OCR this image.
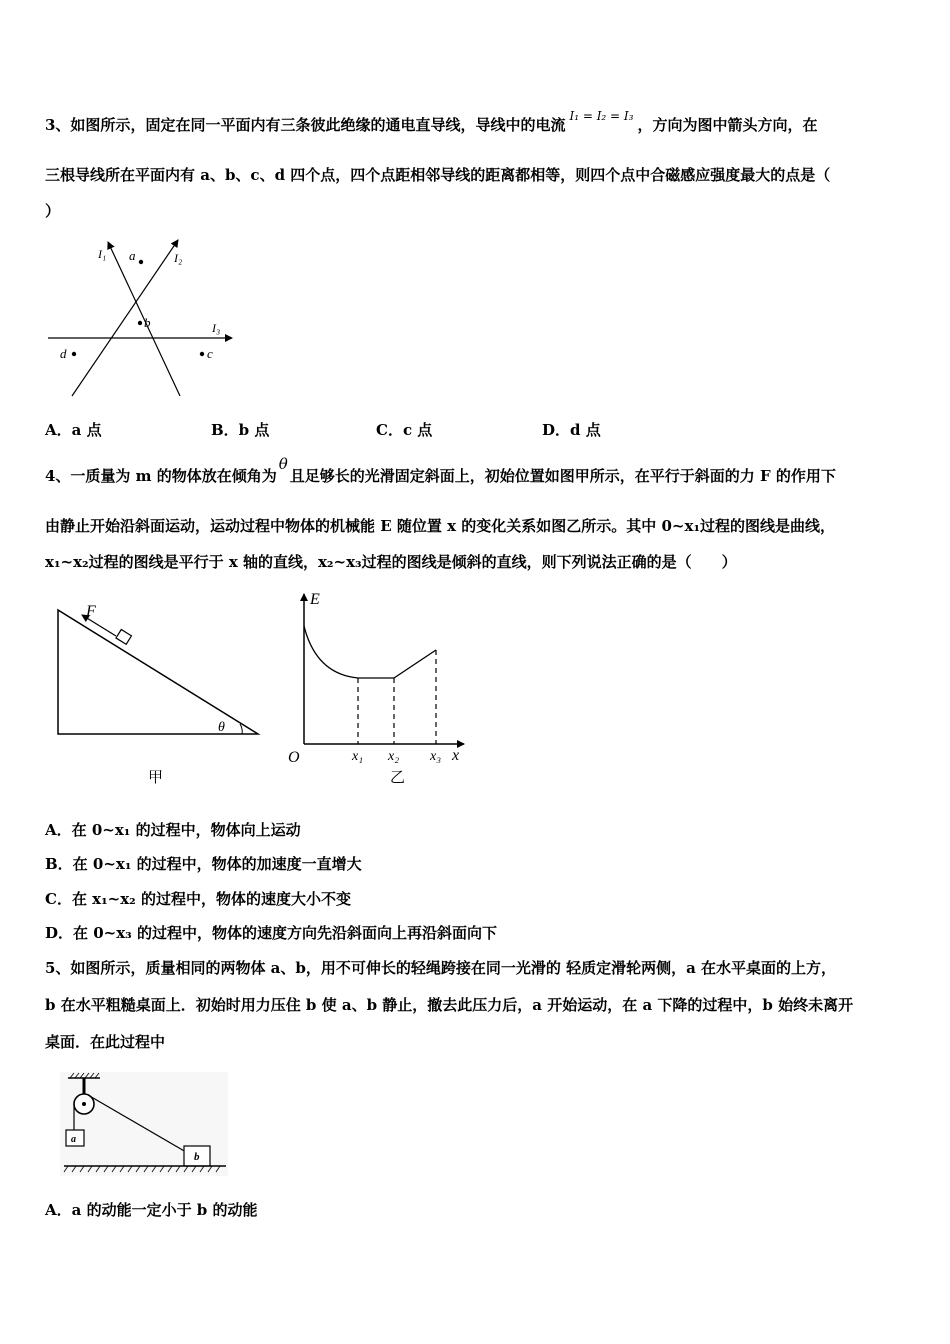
3、如图所示，固定在同一平面内有三条彼此绝缘的通电直导线，导线中的电流 $^{I_1 = I_2 = I_3}$ ，方向为图中箭头方向，在
三根导线所在平面内有 a、b、c、d 四个点，四个点距相邻导线的距离都相等，则四个点中合磁感应强度最大的点是（
）
I₁	I₂
I₃
a
b
c
d
A．a 点	B．b 点	C．c 点	D．d 点
4、一质量为 m 的物体放在倾角为θ且足够长的光滑固定斜面上，初始位置如图甲所示，在平行于斜面的力 F 的作用下
由静止开始沿斜面运动，运动过程中物体的机械能 E 随位置 x 的变化关系如图乙所示。其中 0~x₁过程的图线是曲线，
x₁~x₂过程的图线是平行于 x 轴的直线，x₂~x₃过程的图线是倾斜的直线，则下列说法正确的是（　　）
F
θ
甲
E
x
O	x₁ x₂ x₃
乙
A．在 0~x₁ 的过程中，物体向上运动
B．在 0~x₁ 的过程中，物体的加速度一直增大
C．在 x₁~x₂ 的过程中，物体的速度大小不变
D．在 0~x₃ 的过程中，物体的速度方向先沿斜面向上再沿斜面向下
5、如图所示，质量相同的两物体 a、b，用不可伸长的轻绳跨接在同一光滑的 轻质定滑轮两侧，a 在水平桌面的上方，
b 在水平粗糙桌面上．初始时用力压住 b 使 a、b 静止，撤去此压力后，a 开始运动，在 a 下降的过程中，b 始终未离开
桌面．在此过程中
a
b
A．a 的动能一定小于 b 的动能
